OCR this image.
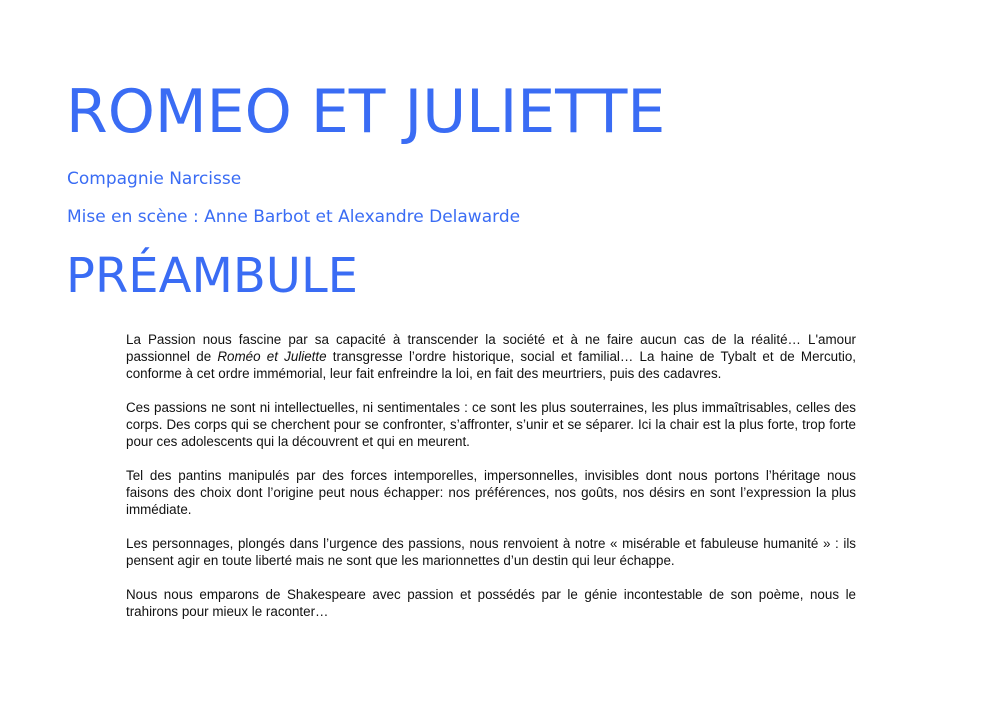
ROMEO ET JULIETTE
Compagnie Narcisse
Mise en scène : Anne Barbot et Alexandre Delawarde
PRÉAMBULE

La Passion nous fascine par sa capacité à transcender la société et à ne faire aucun cas de la réalité… L'amour passionnel de Roméo et Juliette transgresse l’ordre historique, social et familial… La haine de Tybalt et de Mercutio, conforme à cet ordre immémorial, leur fait enfreindre la loi, en fait des meurtriers, puis des cadavres.

Ces passions ne sont ni intellectuelles, ni sentimentales : ce sont les plus souterraines, les plus immaîtrisables, celles des corps. Des corps qui se cherchent pour se confronter, s’affronter, s’unir et se séparer. Ici la chair est la plus forte, trop forte pour ces adolescents qui la découvrent et qui en meurent.

Tel des pantins manipulés par des forces intemporelles, impersonnelles, invisibles dont nous portons l’héritage nous faisons des choix dont l’origine peut nous échapper: nos préférences, nos goûts, nos désirs en sont l’expression la plus immédiate.

Les personnages, plongés dans l’urgence des passions, nous renvoient à notre « misérable et fabuleuse humanité » : ils pensent agir en toute liberté mais ne sont que les marionnettes d’un destin qui leur échappe.

Nous nous emparons de Shakespeare avec passion et possédés par le génie incontestable de son poème, nous le trahirons pour mieux le raconter…
